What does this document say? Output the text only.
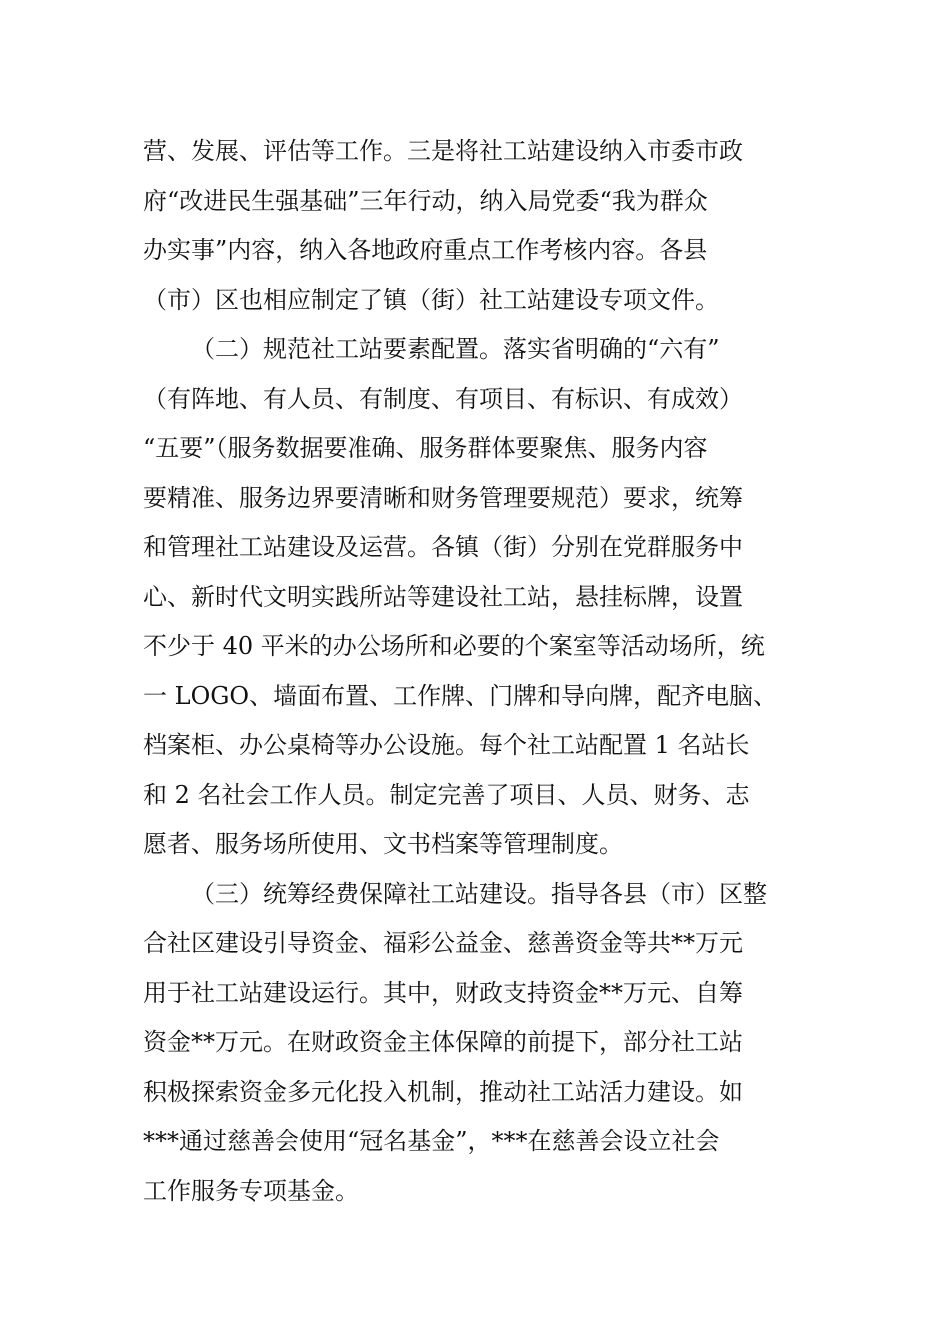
营、发展、评估等工作。三是将社工站建设纳入市委市政
府“改进民生强基础”三年行动，纳入局党委“我为群众
办实事”内容，纳入各地政府重点工作考核内容。各县
（市）区也相应制定了镇（街）社工站建设专项文件。
（二）规范社工站要素配置。落实省明确的“六有”
（有阵地、有人员、有制度、有项目、有标识、有成效）
“五要”（服务数据要准确、服务群体要聚焦、服务内容
要精准、服务边界要清晰和财务管理要规范）要求，统筹
和管理社工站建设及运营。各镇（街）分别在党群服务中
心、新时代文明实践所站等建设社工站，悬挂标牌，设置
不少于 40 平米的办公场所和必要的个案室等活动场所，统
一 LOGO、墙面布置、工作牌、门牌和导向牌，配齐电脑、
档案柜、办公桌椅等办公设施。每个社工站配置 1 名站长
和 2 名社会工作人员。制定完善了项目、人员、财务、志
愿者、服务场所使用、文书档案等管理制度。
（三）统筹经费保障社工站建设。指导各县（市）区整
合社区建设引导资金、福彩公益金、慈善资金等共**万元
用于社工站建设运行。其中，财政支持资金**万元、自筹
资金**万元。在财政资金主体保障的前提下，部分社工站
积极探索资金多元化投入机制，推动社工站活力建设。如
***通过慈善会使用“冠名基金”，***在慈善会设立社会
工作服务专项基金。
